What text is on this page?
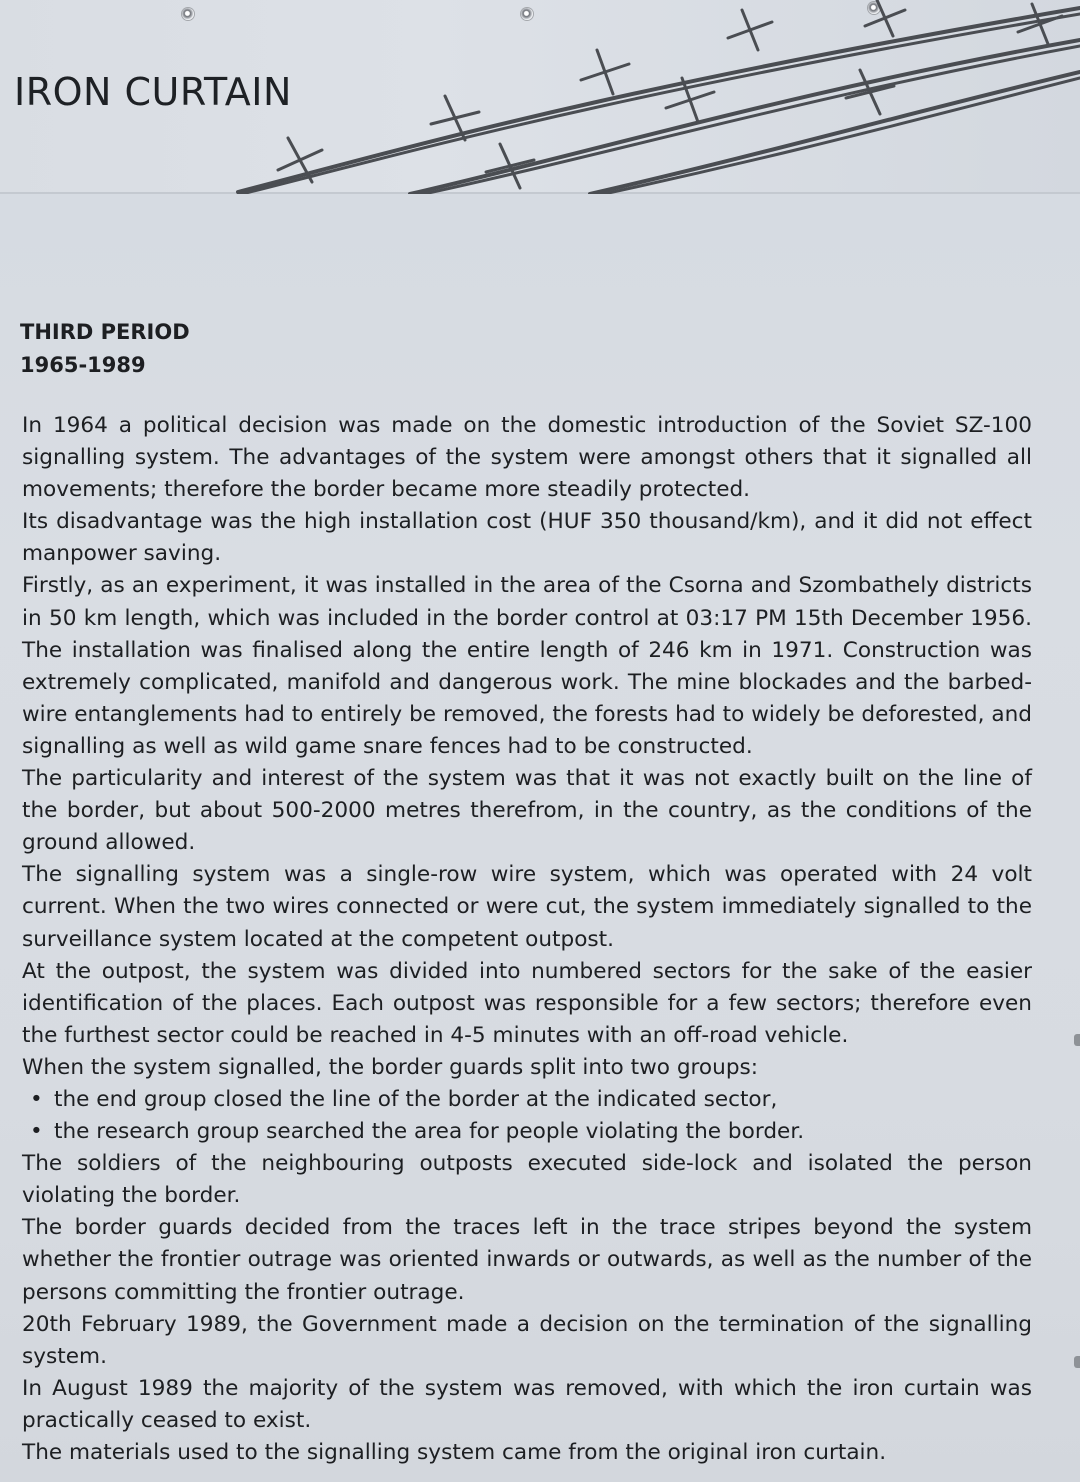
IRON CURTAIN
THIRD PERIOD
1965-1989

In 1964 a political decision was made on the domestic introduction of the Soviet SZ-100 signalling system. The advantages of the system were amongst others that it signalled all movements; therefore the border became more steadily protected.

Its disadvantage was the high installation cost (HUF 350 thousand/km), and it did not effect manpower saving.

Firstly, as an experiment, it was installed in the area of the Csorna and Szombathely districts in 50 km length, which was included in the border control at 03:17 PM 15th December 1956. The installation was finalised along the entire length of 246 km in 1971. Construction was extremely complicated, manifold and dangerous work. The mine blockades and the barbed-wire entanglements had to entirely be removed, the forests had to widely be deforested, and signalling as well as wild game snare fences had to be constructed.

The particularity and interest of the system was that it was not exactly built on the line of the border, but about 500-2000 metres therefrom, in the country, as the conditions of the ground allowed.

The signalling system was a single-row wire system, which was operated with 24 volt current. When the two wires connected or were cut, the system immediately signalled to the surveillance system located at the competent outpost.

At the outpost, the system was divided into numbered sectors for the sake of the easier identification of the places. Each outpost was responsible for a few sectors; therefore even the furthest sector could be reached in 4-5 minutes with an off-road vehicle.

When the system signalled, the border guards split into two groups:

• the end group closed the line of the border at the indicated sector,
• the research group searched the area for people violating the border.

The soldiers of the neighbouring outposts executed side-lock and isolated the person violating the border.

The border guards decided from the traces left in the trace stripes beyond the system whether the frontier outrage was oriented inwards or outwards, as well as the number of the persons committing the frontier outrage.

20th February 1989, the Government made a decision on the termination of the signalling system.

In August 1989 the majority of the system was removed, with which the iron curtain was practically ceased to exist.

The materials used to the signalling system came from the original iron curtain.
